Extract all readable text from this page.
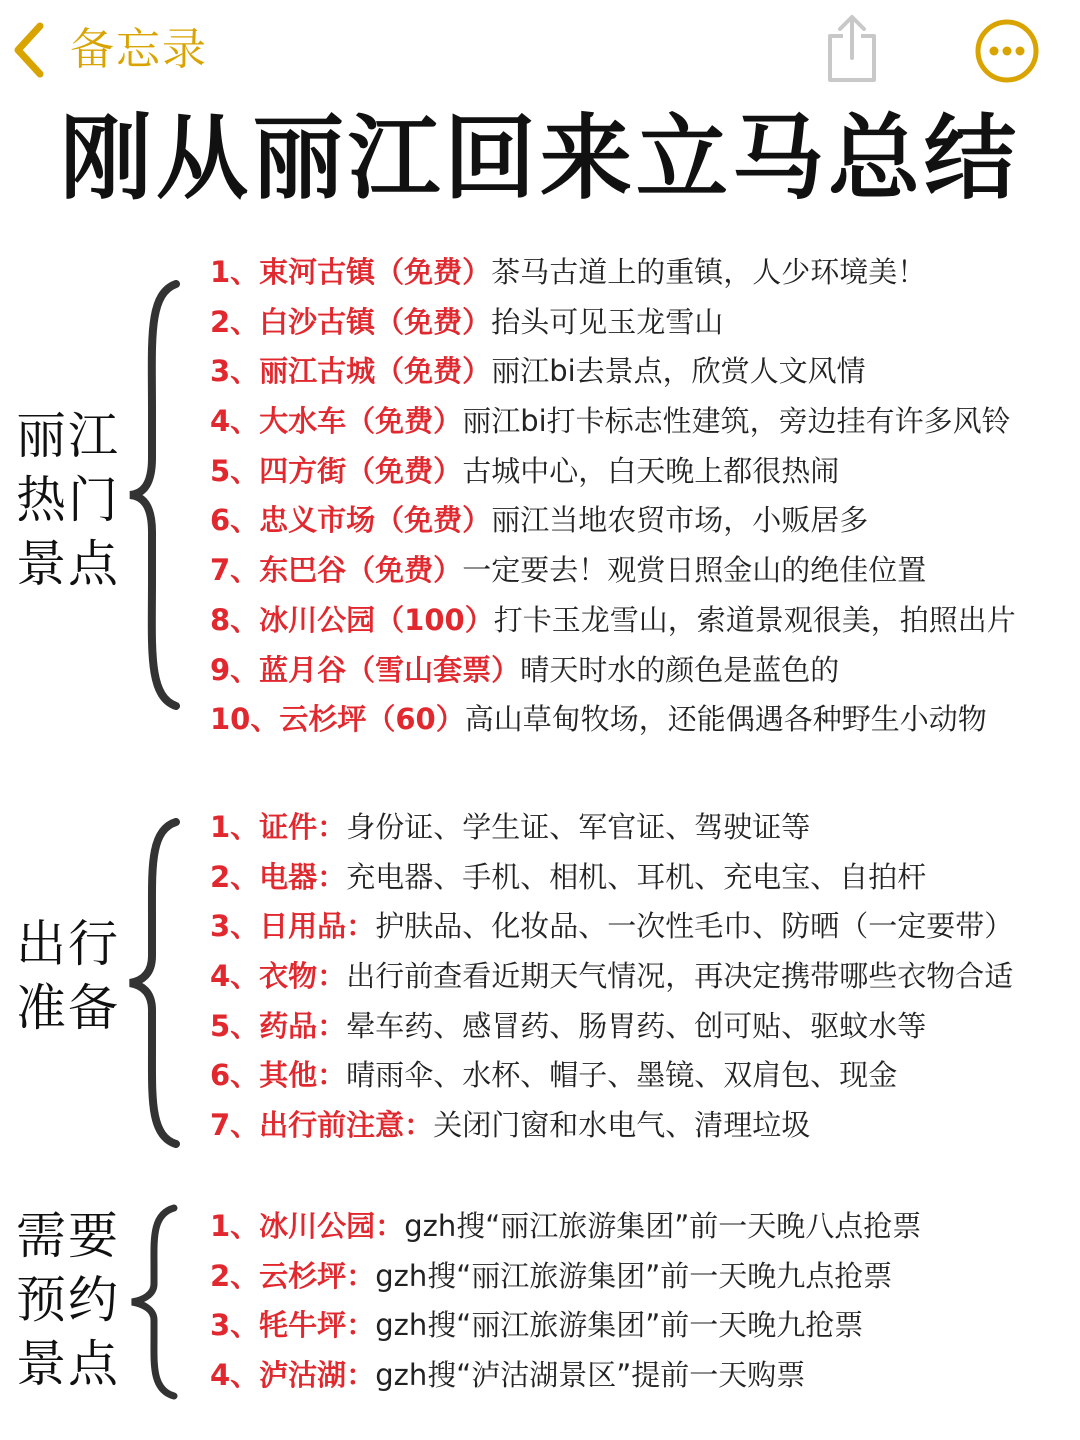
备忘录
刚从丽江回来立马总结
丽江
热门
景点
1、束河古镇（免费）茶马古道上的重镇，人少环境美！
2、白沙古镇（免费）抬头可见玉龙雪山
3、丽江古城（免费）丽江bi去景点，欣赏人文风情
4、大水车（免费）丽江bi打卡标志性建筑，旁边挂有许多风铃
5、四方街（免费）古城中心，白天晚上都很热闹
6、忠义市场（免费）丽江当地农贸市场，小贩居多
7、东巴谷（免费）一定要去！观赏日照金山的绝佳位置
8、冰川公园（100）打卡玉龙雪山，索道景观很美，拍照出片
9、蓝月谷（雪山套票）晴天时水的颜色是蓝色的
10、云杉坪（60）高山草甸牧场，还能偶遇各种野生小动物
出行
准备
1、证件：身份证、学生证、军官证、驾驶证等
2、电器：充电器、手机、相机、耳机、充电宝、自拍杆
3、日用品：护肤品、化妆品、一次性毛巾、防晒（一定要带）
4、衣物：出行前查看近期天气情况，再决定携带哪些衣物合适
5、药品：晕车药、感冒药、肠胃药、创可贴、驱蚊水等
6、其他：晴雨伞、水杯、帽子、墨镜、双肩包、现金
7、出行前注意：关闭门窗和水电气、清理垃圾
需要
预约
景点
1、冰川公园：gzh搜“丽江旅游集团”前一天晚八点抢票
2、云杉坪：gzh搜“丽江旅游集团”前一天晚九点抢票
3、牦牛坪：gzh搜“丽江旅游集团”前一天晚九抢票
4、泸沽湖：gzh搜“泸沽湖景区”提前一天购票
